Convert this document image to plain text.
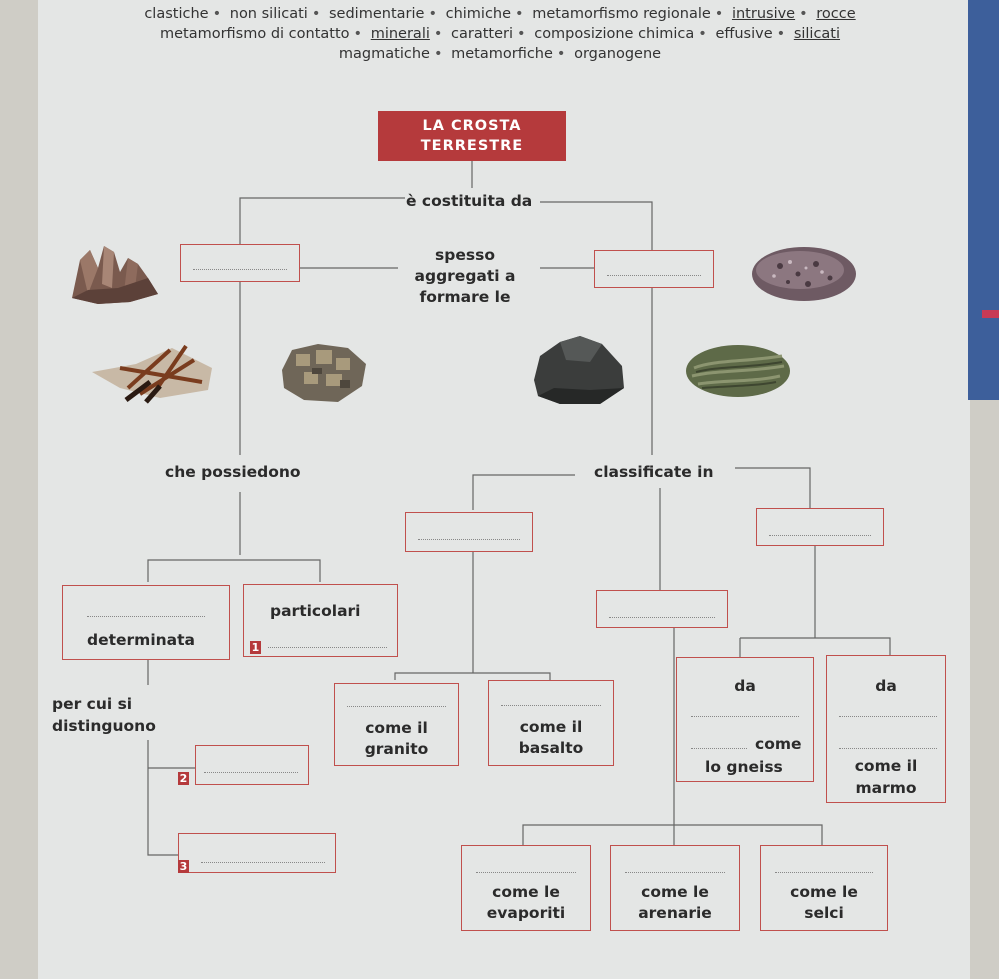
clastiche • non silicati • sedimentarie • chimiche • metamorfismo regionale • intrusive • rocce
metamorfismo di contatto • minerali • caratteri • composizione chimica • effusive • silicati
magmatiche • metamorfiche • organogene
LA CROSTA
TERRESTRE
è costituita da
spesso
aggregati a
formare le
che possiedono	classificate in
per cui si
distinguono
determinata
particolari
1
2
3
come il
granito
come il
basalto
da
come
lo gneiss
da
come il
marmo
come le
evaporiti
come le
arenarie
come le
selci
